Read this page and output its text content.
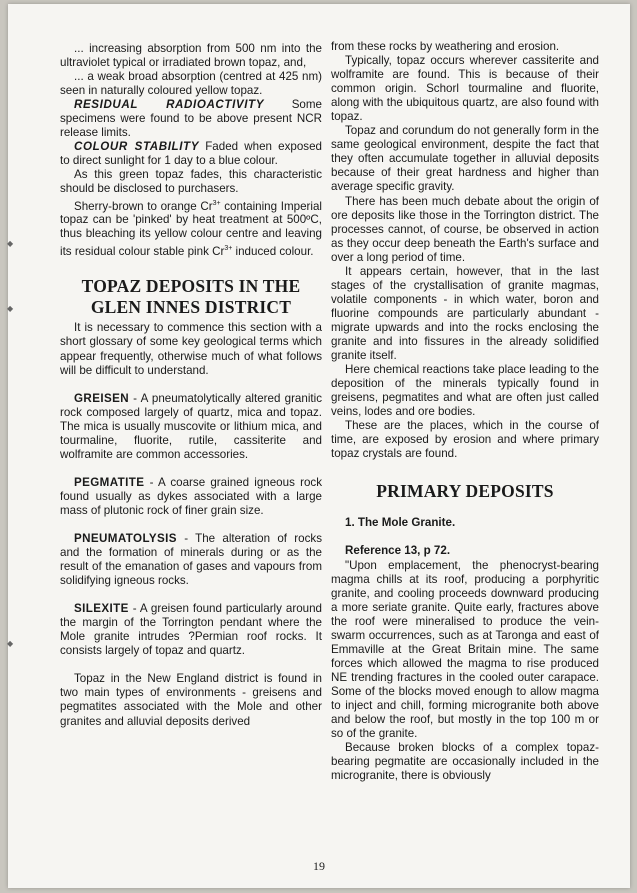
◆
◆
◆

... increasing absorption from 500 nm into the ultraviolet typical or irradiated brown topaz, and,

... a weak broad absorption (centred at 425 nm) seen in naturally coloured yellow topaz.

RESIDUAL RADIOACTIVITY Some specimens were found to be above present NCR release limits.

COLOUR STABILITY Faded when exposed to direct sunlight for 1 day to a blue colour.

As this green topaz fades, this characteristic should be disclosed to purchasers.

Sherry-brown to orange $Cr^{3+}$ containing Imperial topaz can be 'pinked' by heat treatment at 500ºC, thus bleaching its yellow colour centre and leaving its residual colour stable pink $Cr^{3+}$ induced colour.

TOPAZ DEPOSITS IN THE
GLEN INNES DISTRICT

It is necessary to commence this section with a short glossary of some key geological terms which appear frequently, otherwise much of what follows will be difficult to understand.

GREISEN - A pneumatolytically altered granitic rock composed largely of quartz, mica and topaz. The mica is usually muscovite or lithium mica, and tourmaline, fluorite, rutile, cassiterite and wolframite are common accessories.

PEGMATITE - A coarse grained igneous rock found usually as dykes associated with a large mass of plutonic rock of finer grain size.

PNEUMATOLYSIS - The alteration of rocks and the formation of minerals during or as the result of the emanation of gases and vapours from solidifying igneous rocks.

SILEXITE - A greisen found particularly around the margin of the Torrington pendant where the Mole granite intrudes ?Permian roof rocks. It consists largely of topaz and quartz.

Topaz in the New England district is found in two main types of environments - greisens and pegmatites associated with the Mole and other granites and alluvial deposits derived

from these rocks by weathering and erosion.

Typically, topaz occurs wherever cassiterite and wolframite are found. This is because of their common origin. Schorl tourmaline and fluorite, along with the ubiquitous quartz, are also found with topaz.

Topaz and corundum do not generally form in the same geological environment, despite the fact that they often accumulate together in alluvial deposits because of their great hardness and higher than average specific gravity.

There has been much debate about the origin of ore deposits like those in the Torrington district. The processes cannot, of course, be observed in action as they occur deep beneath the Earth's surface and over a long period of time.

It appears certain, however, that in the last stages of the crystallisation of granite magmas, volatile components - in which water, boron and fluorine compounds are particularly abundant - migrate upwards and into the rocks enclosing the granite and into fissures in the already solidified granite itself.

Here chemical reactions take place leading to the deposition of the minerals typically found in greisens, pegmatites and what are often just called veins, lodes and ore bodies.

These are the places, which in the course of time, are exposed by erosion and where primary topaz crystals are found.

PRIMARY DEPOSITS

1. The Mole Granite.

Reference 13, p 72.

"Upon emplacement, the phenocryst-bearing magma chills at its roof, producing a porphyritic granite, and cooling proceeds downward producing a more seriate granite. Quite early, fractures above the roof were mineralised to produce the vein-swarm occurrences, such as at Taronga and east of Emmaville at the Great Britain mine. The same forces which allowed the magma to rise produced NE trending fractures in the cooled outer carapace. Some of the blocks moved enough to allow magma to inject and chill, forming microgranite both above and below the roof, but mostly in the top 100 m or so of the granite.

Because broken blocks of a complex topaz-bearing pegmatite are occasionally included in the microgranite, there is obviously

19
